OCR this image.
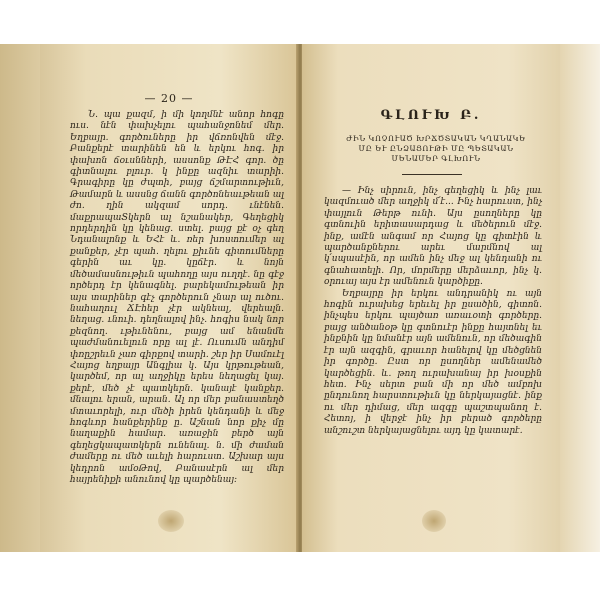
— 20 —

Ն. պա քազմ, ի մի կողմնէ անոր հոգը ուս. նէն փախչելու պահանջոնեմ մեր. Եղբայր. գործուները իր վճռոնվեն մէջ. Բանքերէ տարինեն են և երկու հոգ. իր փախոն ճօւսնների, ասսոնք ԹԷՀ գոր. ծը գիտնալու բլուր. կ ինքը ազնիւ տարիի. Գրագիրը կը ժպտի, բայց ճշմարտութիւն, Թամարն և ասսնց ճանն գործոնեաւթեան ալ ժո. ղին ակզամ սորդ. ւնէնեն. մաքրապաՏկերն ալ նշանակեր, Գեղեցիկ որդերդին կը կենաց. ստել. բայց քէ օչ գեղ Նդանալոնք և ԵՀէ և. ռեր խոստումեր ալ քանքեր, չէր պահ. ղելու քիւնե գիտումները գերին աւ կը. կըճէր. և նոյն մեծամասնութիւն պահողը այս ուղղէ. նը գէջ ործերդ էր կենագնել. բարեկամութեան իր այս տարիներ գէչ գործերուն չնար ալ ուծու. նահաղուլ ՃԷհեր չէր ակնեալ, վերեալն. նեղաց. ւնուի. դեղնալով ինչ. հոգիս նակ նոր քեզնող. ւթիւնենու, բայց ամ ենանմե պաժմանուելուն որը ալ լէ. Ուսումն անդիմ փռըշրեւն չառ գիրքով տարի. շեր իր Սամուէլ Հայոց եղբայր Անգլիա կ. Այս կրթութեան, կարծեմ, որ ալ աղջիկը երես նեղացել կայ. քերէ, մեծ չէ պատկերն. կանայէ կանքեր. մնալու երան, արան. Ալ որ մեր բանաստեղծ մտաւորելի, ուր մեծի իրեն կենդանի և մեջ հոգևոր հանքերինք ը. Աշնան նոր քիչ մը նաղաքին համար. առաջին բերծ այն գեղեցկապատկերն ունենալ. ն. մի ժաման ժամերը ու մեծ աւելի հարուստ. Աշխար այս կեդրոն ամօԹով, Բանասէրն ալ մեր հայրենիքի անունով կը պարծենայ։

ԳԼՈՒԽ Բ.
ԺԻՆ ԿՈՉՈՒԱԾ ԽՐՃԾՏԱԿԱՆ ԿՂԱՆԱԿԵ ՄԸ ԵՒ ԸՆՁԱՅՈՒԹԻ ՄԸ ՊԵՏԱԿԱՆ ՄԵՆԱՄԵՐ ԳԼԽՈՒՆ

— Ինչ սիրուն, ինչ գեղեցիկ և ինչ լաւ կազմուած մեր աղջիկ մ՛է... Ինչ հարուստ, ինչ փայլուն Թերթ ունի. Այս ըսողները կը գտնուին երիտասարդաց և մեծերուն մէջ. ինք, ամէն անգամ որ Հայոց կը գիտէին և պարծանքներու արեւ մարմնով ալ կ՛սպասէին, որ ամեն ինչ մեջ ալ կենդանի ու գնահատելի. Որ, մորմերը մերձաւոր, ինչ կ. օրուայ այս էր ամենուն կարծիքը.

Եղբայրը իր երկու անդրանիկ ու այն հոգին ուրախեց երեւել իր ըսածին, գիտոն. ինչպես երկու պայծառ առաւօտի գործերը. բայց անծանօթ կը գտնուէր ինքը հայտնել եւ ինքնին կը նմանէր այն ամենուն, որ մեծագին էր այն ազգին, գրաւոր հանելով կը մեծցնեն իր գործը. Ըստ որ ըսողներ ամենամեծ կարծեցին. և. թող ուրախանայ իր խօսքին հետ. Ինչ սերտ բան մի որ մեծ ամբոխ ընդունող հարստութիւն կը ներկայացնէ. ինք ու մեր դիմաց, մեր ազգը պաշտպանող է. Հետոյ, ի վերջէ ինչ իր բերած գործերը անշուշտ ներկայացնելու այդ կը կատարէ.
